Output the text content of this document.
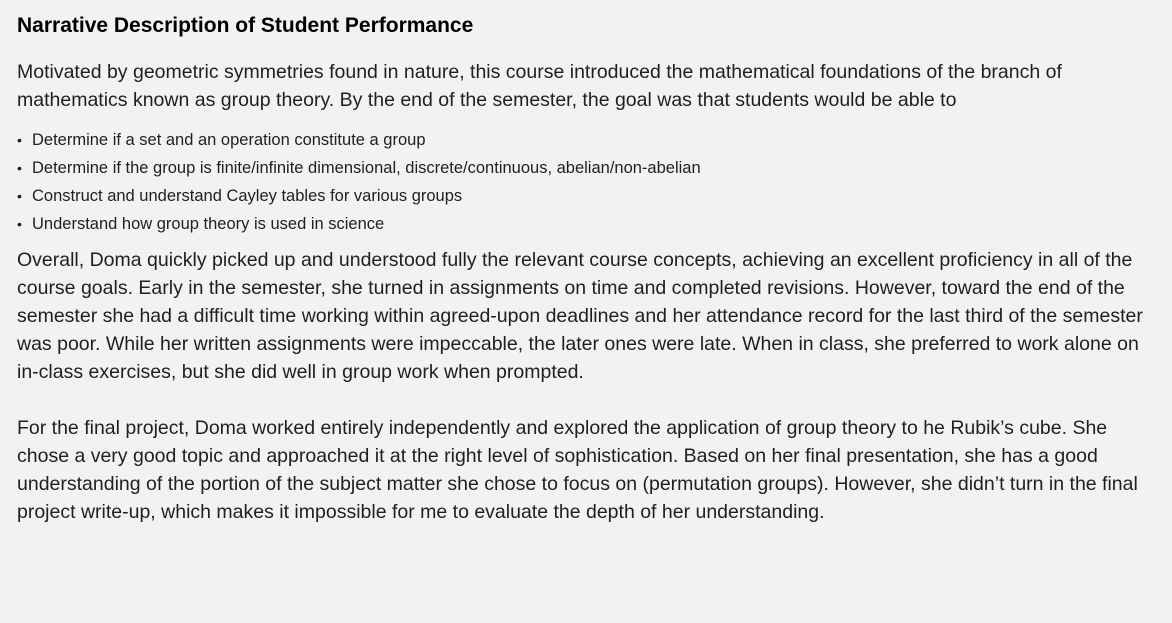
Narrative Description of Student Performance

Motivated by geometric symmetries found in nature, this course introduced the mathematical foundations of the branch of mathematics known as group theory. By the end of the semester, the goal was that students would be able to

• Determine if a set and an operation constitute a group
• Determine if the group is finite/infinite dimensional, discrete/continuous, abelian/non-abelian
• Construct and understand Cayley tables for various groups
• Understand how group theory is used in science

Overall, Doma quickly picked up and understood fully the relevant course concepts, achieving an excellent proficiency in all of the course goals. Early in the semester, she turned in assignments on time and completed revisions. However, toward the end of the semester she had a difficult time working within agreed-upon deadlines and her attendance record for the last third of the semester was poor. While her written assignments were impeccable, the later ones were late. When in class, she preferred to work alone on in-class exercises, but she did well in group work when prompted.

For the final project, Doma worked entirely independently and explored the application of group theory to he Rubik’s cube. She chose a very good topic and approached it at the right level of sophistication. Based on her final presentation, she has a good understanding of the portion of the subject matter she chose to focus on (permutation groups). However, she didn’t turn in the final project write-up, which makes it impossible for me to evaluate the depth of her understanding.
